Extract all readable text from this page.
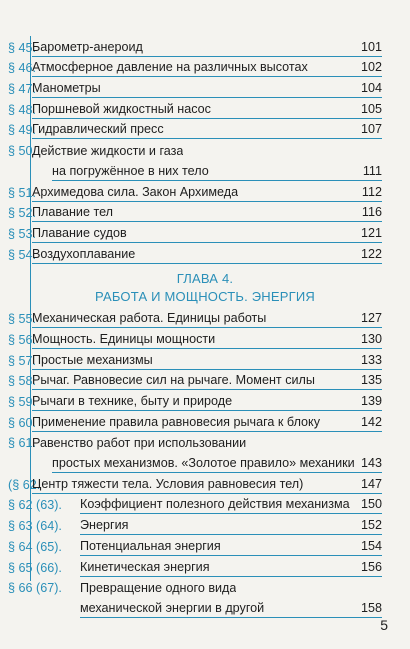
§ 45.
Барометр-анероид	101
§ 46.
Атмосферное давление на различных высотах	102
§ 47.
Манометры	104
§ 48.
Поршневой жидкостный насос	105
§ 49.
Гидравлический пресс	107
§ 50.
Действие жидкости и газа
на погружённое в них тело	111
§ 51.
Архимедова сила. Закон Архимеда	112
§ 52.
Плавание тел	116
§ 53.
Плавание судов	121
§ 54.
Воздухоплавание	122
ГЛАВА 4.
РАБОТА И МОЩНОСТЬ. ЭНЕРГИЯ
§ 55.
Механическая работа. Единицы работы	127
§ 56.
Мощность. Единицы мощности	130
§ 57.
Простые механизмы	133
§ 58.
Рычаг. Равновесие сил на рычаге. Момент силы	135
§ 59.
Рычаги в технике, быту и природе	139
§ 60.
Применение правила равновесия рычага к блоку	142
§ 61.
Равенство работ при использовании
простых механизмов. «Золотое правило» механики 143
(§ 62.
Центр тяжести тела. Условия равновесия тел)	147
§ 62 (63).	Коэффициент полезного действия механизма 150
§ 63 (64).	Энергия	152
§ 64 (65).	Потенциальная энергия	154
§ 65 (66).	Кинетическая энергия	156
§ 66 (67).	Превращение одного вида
механической энергии в другой	158
5
